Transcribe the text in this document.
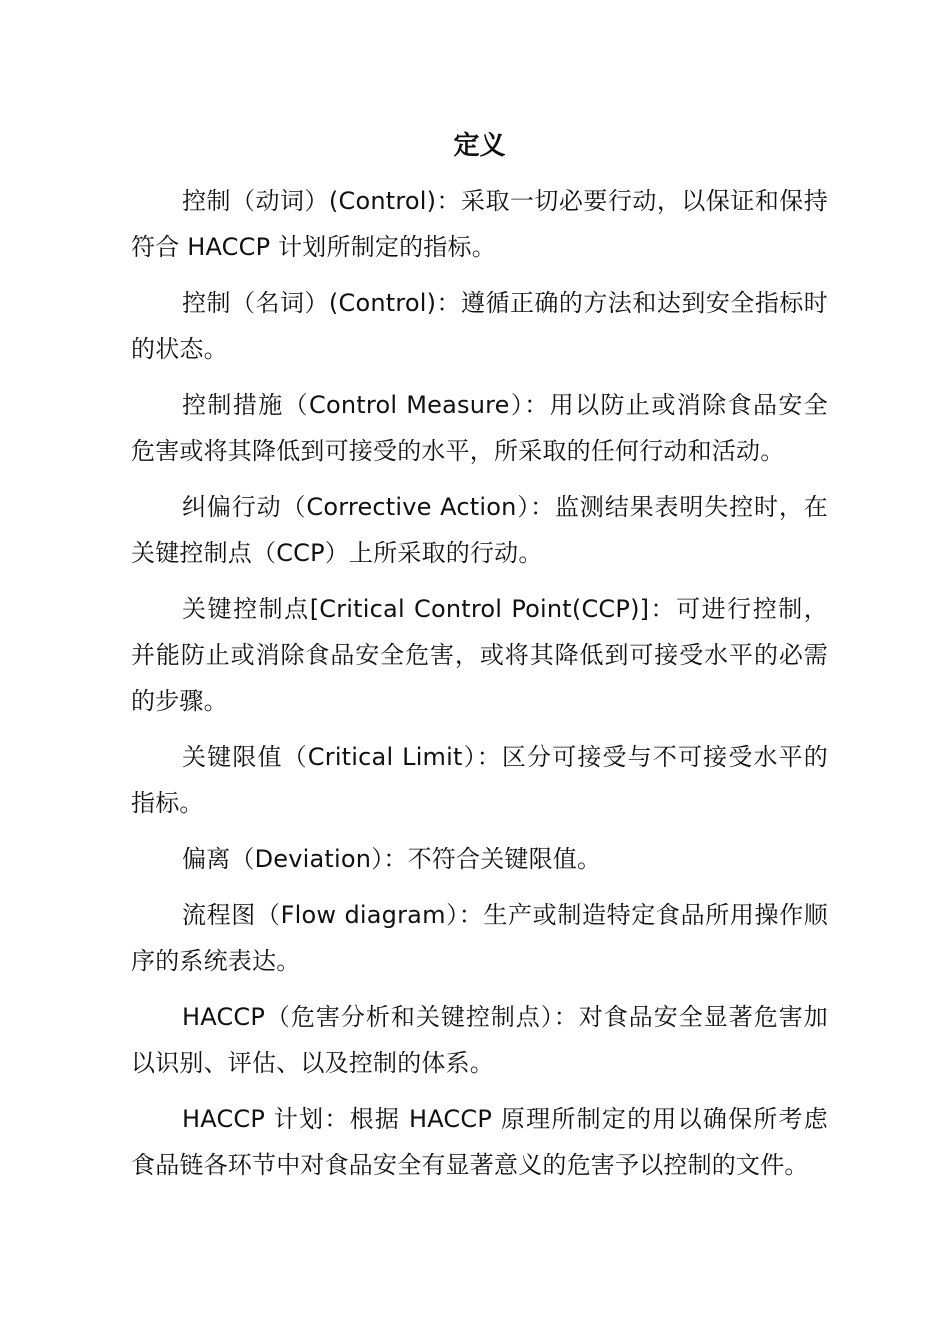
定义

控制（动词）(Control)：采取一切必要行动，以保证和保持符合 HACCP 计划所制定的指标。

控制（名词）(Control)：遵循正确的方法和达到安全指标时的状态。

控制措施（Control Measure）：用以防止或消除食品安全危害或将其降低到可接受的水平，所采取的任何行动和活动。

纠偏行动（Corrective Action）：监测结果表明失控时，在关键控制点（CCP）上所采取的行动。

关键控制点[Critical Control Point(CCP)]：可进行控制，并能防止或消除食品安全危害，或将其降低到可接受水平的必需的步骤。

关键限值（Critical Limit）：区分可接受与不可接受水平的指标。

偏离（Deviation）：不符合关键限值。

流程图（Flow diagram）：生产或制造特定食品所用操作顺序的系统表达。

HACCP（危害分析和关键控制点）：对食品安全显著危害加以识别、评估、以及控制的体系。

HACCP 计划：根据 HACCP 原理所制定的用以确保所考虑食品链各环节中对食品安全有显著意义的危害予以控制的文件。
